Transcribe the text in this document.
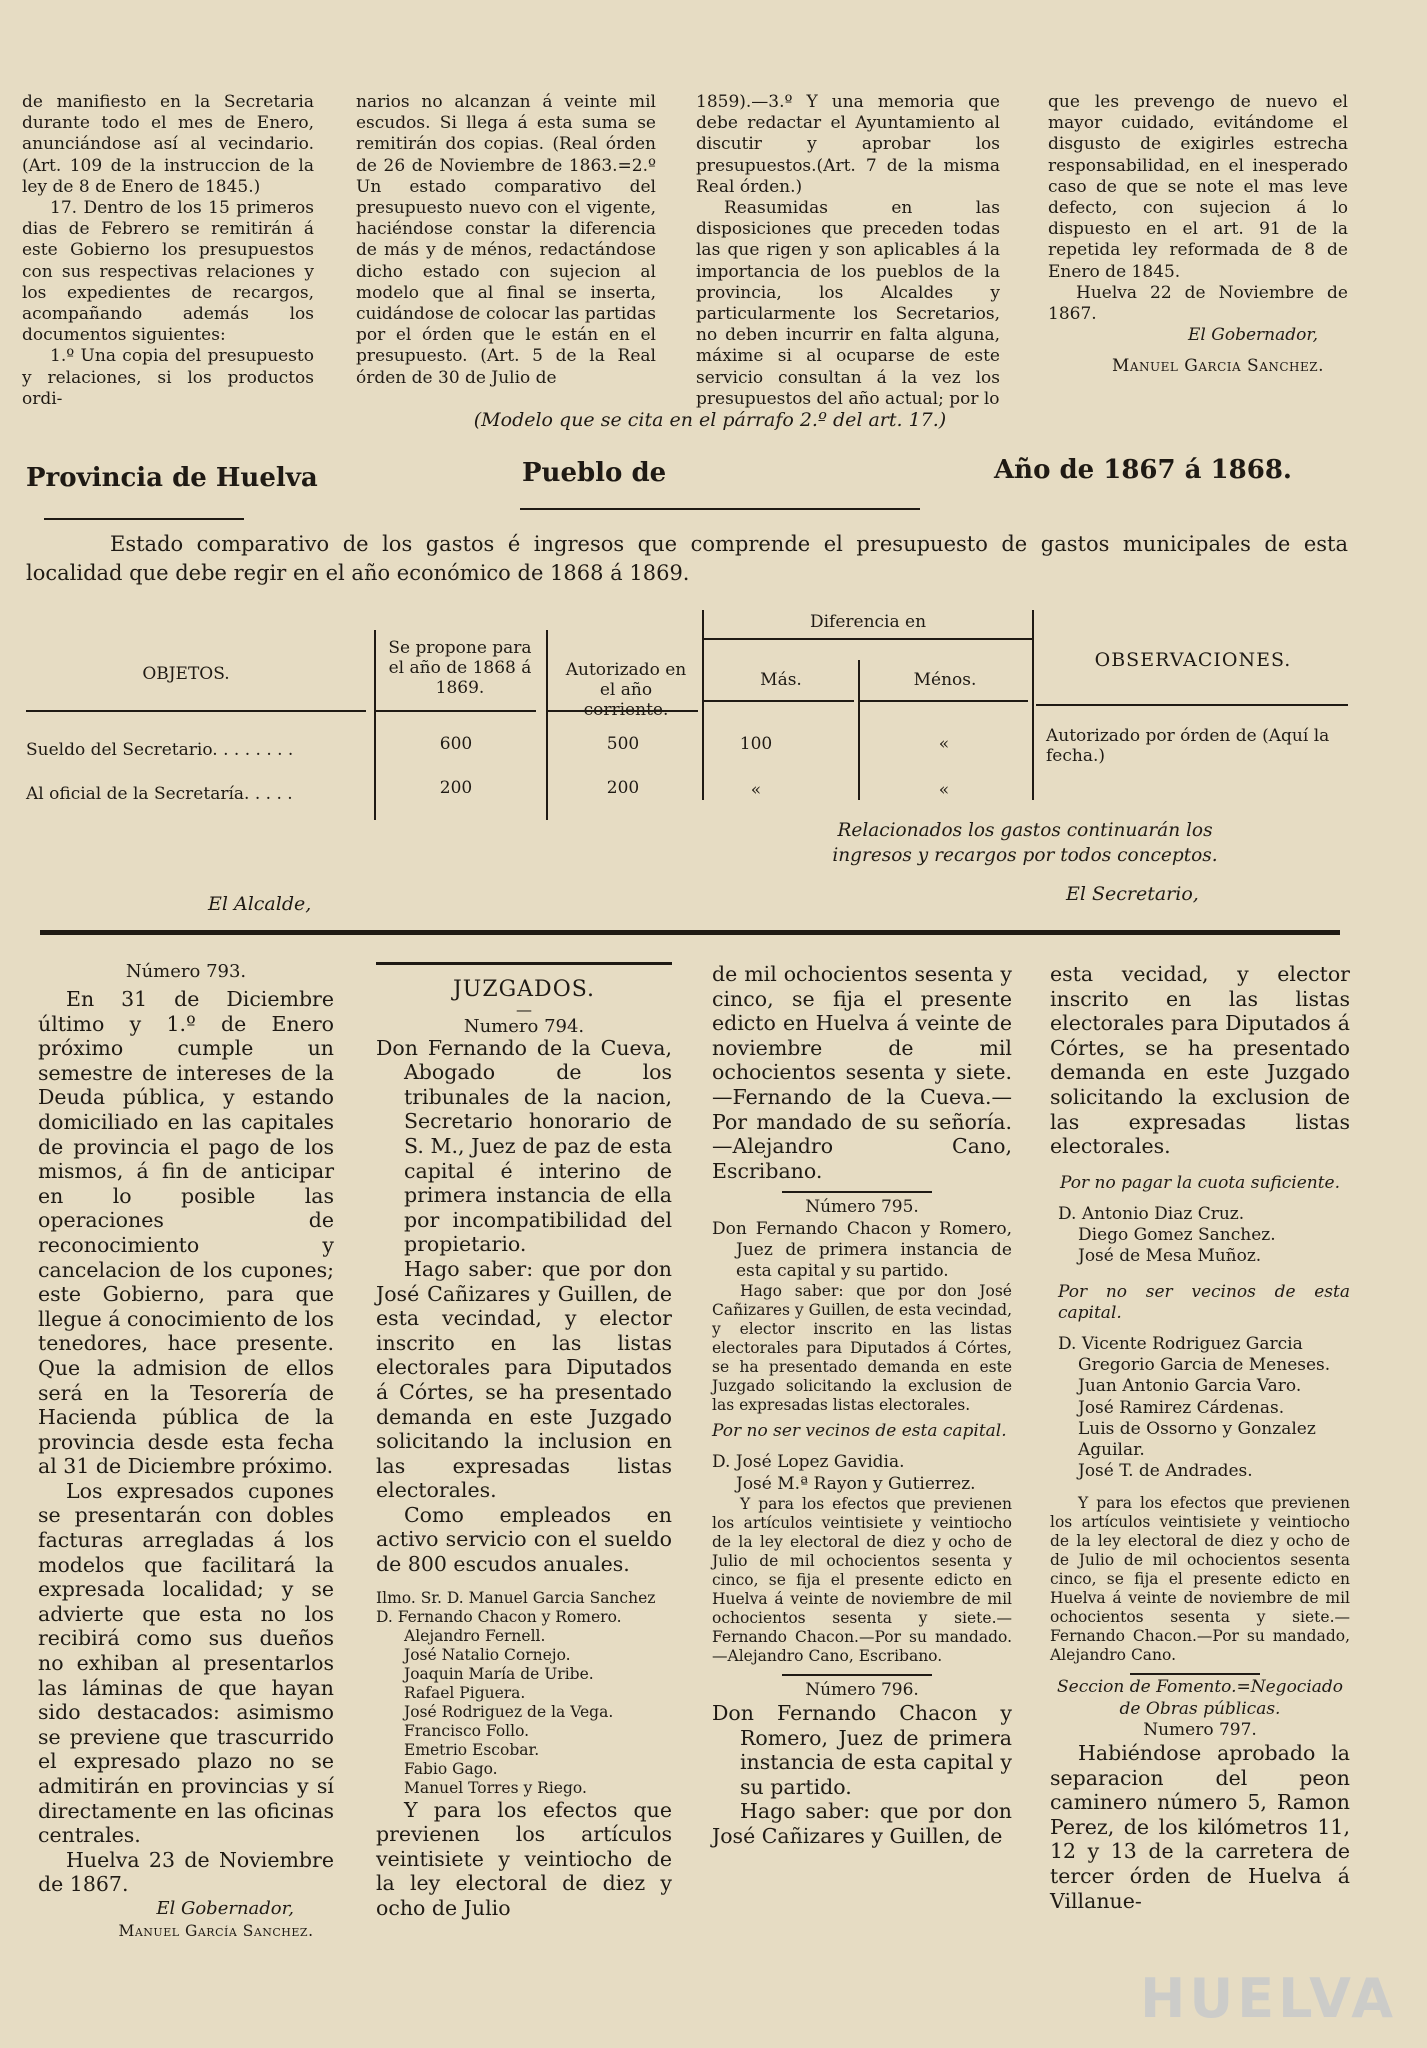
de manifiesto en la Secretaria durante todo el mes de Enero, anunciándose así al vecindario.(Art. 109 de la instruccion de la ley de 8 de Enero de 1845.)

17. Dentro de los 15 primeros dias de Febrero se remitirán á este Gobierno los presupuestos con sus respectivas relaciones y los expedientes de recargos, acompañando además los documentos siguientes:

1.º Una copia del presupuesto y relaciones, si los productos ordi-

narios no alcanzan á veinte mil escudos. Si llega á esta suma se remitirán dos copias. (Real órden de 26 de Noviembre de 1863.=2.º Un estado comparativo del presupuesto nuevo con el vigente, haciéndose constar la diferencia de más y de ménos, redactándose dicho estado con sujecion al modelo que al final se inserta, cuidándose de colocar las partidas por el órden que le están en el presupuesto. (Art. 5 de la Real órden de 30 de Julio de

1859).—3.º Y una memoria que debe redactar el Ayuntamiento al discutir y aprobar los presupuestos.(Art. 7 de la misma Real órden.)

Reasumidas en las disposiciones que preceden todas las que rigen y son aplicables á la importancia de los pueblos de la provincia, los Alcaldes y particularmente los Secretarios, no deben incurrir en falta alguna, máxime si al ocuparse de este servicio consultan á la vez los presupuestos del año actual; por lo

que les prevengo de nuevo el mayor cuidado, evitándome el disgusto de exigirles estrecha responsabilidad, en el inesperado caso de que se note el mas leve defecto, con sujecion á lo dispuesto en el art. 91 de la repetida ley reformada de 8 de Enero de 1845.

Huelva 22 de Noviembre de 1867.

El Gobernador,

Manuel Garcia Sanchez.

(Modelo que se cita en el párrafo 2.º del art. 17.)
Provincia de Huelva	Pueblo de	Año de 1867 á 1868.
Estado comparativo de los gastos é ingresos que comprende el presupuesto de gastos municipales de esta localidad que debe regir en el año económico de 1868 á 1869.
OBJETOS.
Se propone para el año de 1868 á 1869.
Autorizado en el año corriente.
Diferencia en
Más.	Ménos.
OBSERVACIONES.
Sueldo del Secretario. . . . . . . .	600	500	100	«	Autorizado por órden de (Aquí la fecha.)
Al oficial de la Secretaría. . . . .	200	200	«	«
Relacionados los gastos continuarán los ingresos y recargos por todos conceptos.
El Alcalde,	El Secretario,

Número 793.

En 31 de Diciembre último y 1.º de Enero próximo cumple un semestre de intereses de la Deuda pública, y estando domiciliado en las capitales de provincia el pago de los mismos, á fin de anticipar en lo posible las operaciones de reconocimiento y cancelacion de los cupones; este Gobierno, para que llegue á conocimiento de los tenedores, hace presente. Que la admision de ellos será en la Tesorería de Hacienda pública de la provincia desde esta fecha al 31 de Diciembre próximo.

Los expresados cupones se presentarán con dobles facturas arregladas á los modelos que facilitará la expresada localidad; y se advierte que esta no los recibirá como sus dueños no exhiban al presentarlos las láminas de que hayan sido destacados: asimismo se previene que trascurrido el expresado plazo no se admitirán en provincias y sí directamente en las oficinas centrales.

Huelva 23 de Noviembre de 1867.

El Gobernador,

Manuel García Sanchez.

JUZGADOS.

—

Numero 794.

Don Fernando de la Cueva, Abogado de los tribunales de la nacion, Secretario honorario de S. M., Juez de paz de esta capital é interino de primera instancia de ella por incompatibilidad del propietario.

Hago saber: que por don José Cañizares y Guillen, de esta vecindad, y elector inscrito en las listas electorales para Diputados á Córtes, se ha presentado demanda en este Juzgado solicitando la inclusion en las expresadas listas electorales.

Como empleados en activo servicio con el sueldo de 800 escudos anuales.

Ilmo. Sr. D. Manuel Garcia Sanchez

D. Fernando Chacon y Romero.

Alejandro Fernell.

José Natalio Cornejo.

Joaquin María de Uribe.

Rafael Piguera.

José Rodriguez de la Vega.

Francisco Follo.

Emetrio Escobar.

Fabio Gago.

Manuel Torres y Riego.

Y para los efectos que previenen los artículos veintisiete y veintiocho de la ley electoral de diez y ocho de Julio

de mil ochocientos sesenta y cinco, se fija el presente edicto en Huelva á veinte de noviembre de mil ochocientos sesenta y siete.—Fernando de la Cueva.—Por mandado de su señoría.—Alejandro Cano, Escribano.

Número 795.

Don Fernando Chacon y Romero, Juez de primera instancia de esta capital y su partido.

Hago saber: que por don José Cañizares y Guillen, de esta vecindad, y elector inscrito en las listas electorales para Diputados á Córtes, se ha presentado demanda en este Juzgado solicitando la exclusion de las expresadas listas electorales.

Por no ser vecinos de esta capital.

D. José Lopez Gavidia.

José M.ª Rayon y Gutierrez.

Y para los efectos que previenen los artículos veintisiete y veintiocho de la ley electoral de diez y ocho de Julio de mil ochocientos sesenta y cinco, se fija el presente edicto en Huelva á veinte de noviembre de mil ochocientos sesenta y siete.—Fernando Chacon.—Por su mandado.—Alejandro Cano, Escribano.

Número 796.

Don Fernando Chacon y Romero, Juez de primera instancia de esta capital y su partido.

Hago saber: que por don José Cañizares y Guillen, de

esta vecidad, y elector inscrito en las listas electorales para Diputados á Córtes, se ha presentado demanda en este Juzgado solicitando la exclusion de las expresadas listas electorales.

Por no pagar la cuota suficiente.

D. Antonio Diaz Cruz.

Diego Gomez Sanchez.

José de Mesa Muñoz.

Por no ser vecinos de esta capital.

D. Vicente Rodriguez Garcia

Gregorio Garcia de Meneses.

Juan Antonio Garcia Varo.

José Ramirez Cárdenas.

Luis de Ossorno y Gonzalez Aguilar.

José T. de Andrades.

Y para los efectos que previenen los artículos veintisiete y veintiocho de la ley electoral de diez y ocho de de Julio de mil ochocientos sesenta cinco, se fija el presente edicto en Huelva á veinte de noviembre de mil ochocientos sesenta y siete.—Fernando Chacon.—Por su mandado, Alejandro Cano.

Seccion de Fomento.=Negociado de Obras públicas.

Numero 797.

Habiéndose aprobado la separacion del peon caminero número 5, Ramon Perez, de los kilómetros 11, 12 y 13 de la carretera de tercer órden de Huelva á Villanue-

HUELVA
